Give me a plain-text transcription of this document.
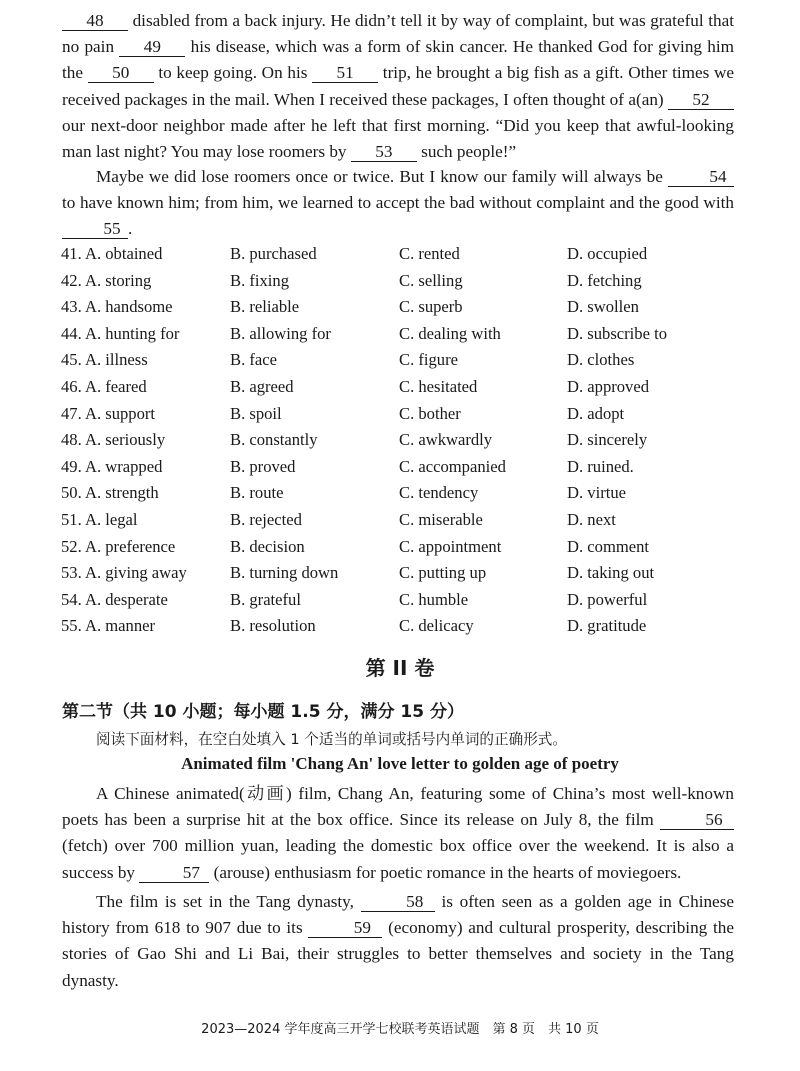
48 disabled from a back injury. He didn’t tell it by way of complaint, but was grateful that no pain 49 his disease, which was a form of skin cancer. He thanked God for giving him the 50 to keep going. On his 51 trip, he brought a big fish as a gift. Other times we received packages in the mail. When I received these packages, I often thought of a(an) 52 our next-door neighbor made after he left that first morning. “Did you keep that awful-looking man last night? You may lose roomers by 53 such people!”
Maybe we did lose roomers once or twice. But I know our family will always be	54 to have known him; from him, we learned to accept the bad without complaint and the good with 55 .
41. A. obtained	B. purchased	C. rented	D. occupied
42. A. storing	B. fixing	C. selling	D. fetching
43. A. handsome	B. reliable	C. superb	D. swollen
44. A. hunting for	B. allowing for	C. dealing with	D. subscribe to
45. A. illness	B. face	C. figure	D. clothes
46. A. feared	B. agreed	C. hesitated	D. approved
47. A. support	B. spoil	C. bother	D. adopt
48. A. seriously	B. constantly	C. awkwardly	D. sincerely
49. A. wrapped	B. proved	C. accompanied	D. ruined.
50. A. strength	B. route	C. tendency	D. virtue
51. A. legal	B. rejected	C. miserable	D. next
52. A. preference	B. decision	C. appointment	D. comment
53. A. giving away	B. turning down	C. putting up	D. taking out
54. A. desperate	B. grateful	C. humble	D. powerful
55. A. manner	B. resolution	C. delicacy	D. gratitude
第 II 卷
第二节（共 10 小题；每小题 1.5 分，满分 15 分）
阅读下面材料，在空白处填入 1 个适当的单词或括号内单词的正确形式。
Animated film 'Chang An' love letter to golden age of poetry
A Chinese animated(动画) film, Chang An, featuring some of China’s most well-known poets has been a surprise hit at the box office. Since its release on July 8, the film	56 (fetch) over 700 million yuan, leading the domestic box office over the weekend. It is also a success by	57 (arouse) enthusiasm for poetic romance in the hearts of moviegoers.
The film is set in the Tang dynasty,	58 is often seen as a golden age in Chinese history from 618 to 907 due to its	59 (economy) and cultural prosperity, describing the stories of Gao Shi and Li Bai, their struggles to better themselves and society in the Tang dynasty.
2023—2024 学年度高三开学七校联考英语试题　第 8 页　共 10 页
